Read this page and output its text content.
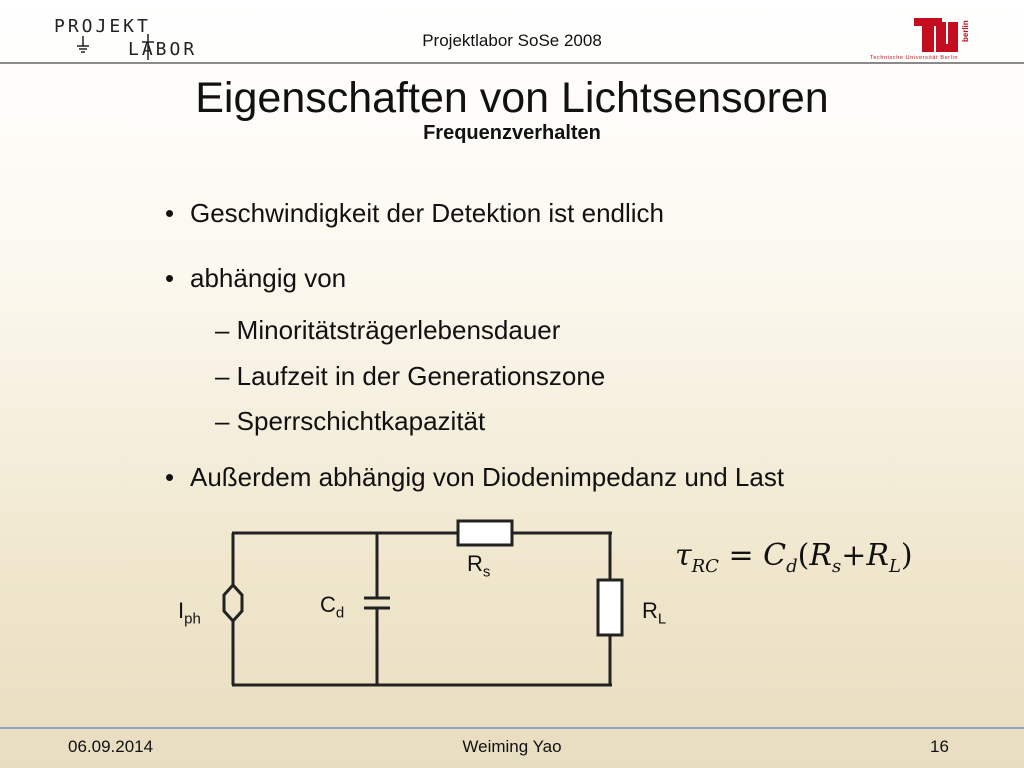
PROJEKT
LABOR	Projektlabor SoSe 2008	berlin
Technische Universität Berlin
Eigenschaften von Lichtsensoren
Frequenzverhalten
• Geschwindigkeit der Detektion ist endlich
• abhängig von
– Minoritätsträgerlebensdauer
– Laufzeit in der Generationszone
– Sperrschichtkapazität
• Außerdem abhängig von Diodenimpedanz und Last
$R_s$
$C_d$
$I_{ph}$	$R_L$
$\tau_{RC} = C_d(R_s+R_L)$
06.09.2014	Weiming Yao	16
